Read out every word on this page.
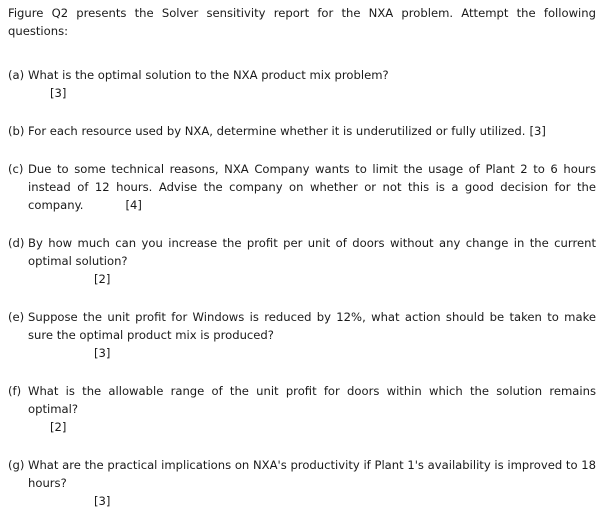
Figure Q2 presents the Solver sensitivity report for the NXA problem. Attempt the following questions:

(a) What is the optimal solution to the NXA product mix problem?
[3]
(b) For each resource used by NXA, determine whether it is underutilized or fully utilized. [3]
(c) Due to some technical reasons, NXA Company wants to limit the usage of Plant 2 to 6 hours instead of 12 hours. Advise the company on whether or not this is a good decision for the company.	[4]
(d) By how much can you increase the profit per unit of doors without any change in the current optimal solution?
[2]
(e) Suppose the unit profit for Windows is reduced by 12%, what action should be taken to make sure the optimal product mix is produced?
[3]
(f) What is the allowable range of the unit profit for doors within which the solution remains optimal?
[2]
(g) What are the practical implications on NXA's productivity if Plant 1's availability is improved to 18 hours?
[3]
